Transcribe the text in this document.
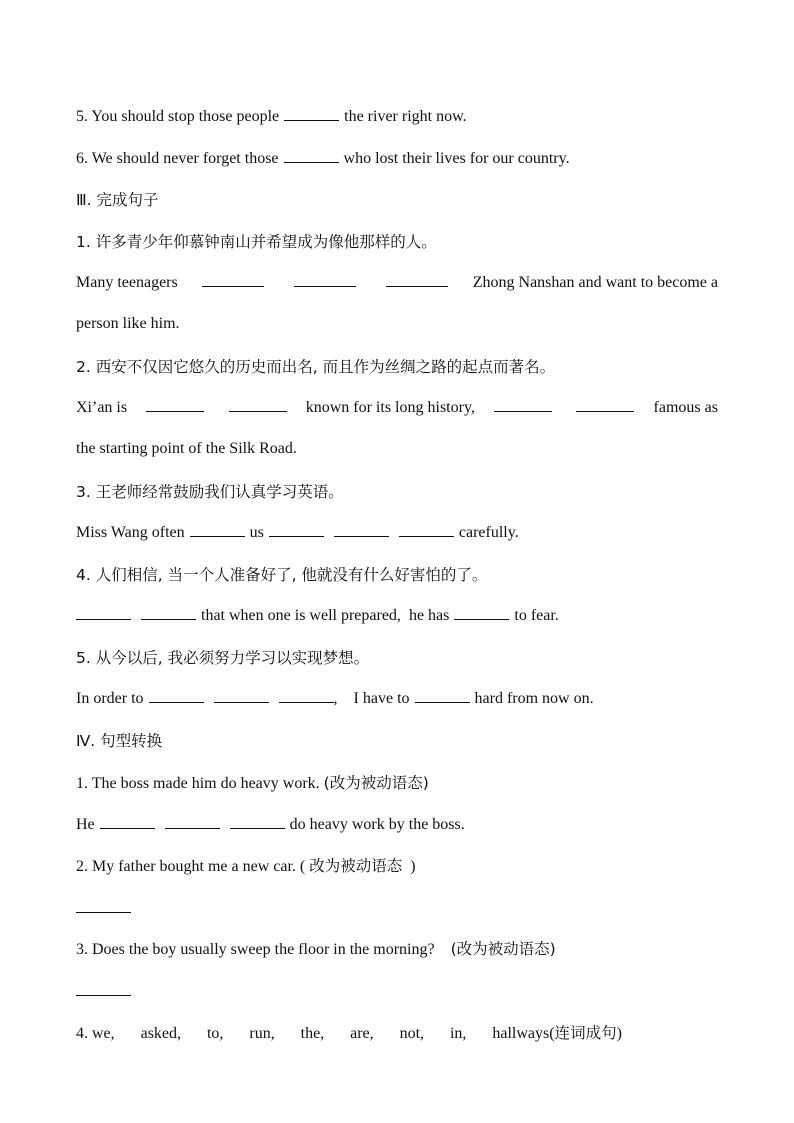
5. You should stop those people	the river right now.
6. We should never forget those	who lost their lives for our country.
Ⅲ. 完成句子
1. 许多青少年仰慕钟南山并希望成为像他那样的人。
Many teenagers	Zhong Nanshan and want to become a
person like him.
2. 西安不仅因它悠久的历史而出名, 而且作为丝绸之路的起点而著名。
Xi’an is	known for its long history,	famous as
the starting point of the Silk Road.
3. 王老师经常鼓励我们认真学习英语。
Miss Wang often	us	carefully.
4. 人们相信, 当一个人准备好了, 他就没有什么好害怕的了。
that when one is well prepared, he has	to fear.
5. 从今以后, 我必须努力学习以实现梦想。
In order to	, I have to	hard from now on.
Ⅳ. 句型转换
1. The boss made him do heavy work. (改为被动语态)
He	do heavy work by the boss.
2. My father bought me a new car. ( 改为被动语态 )
3. Does the boy usually sweep the floor in the morning? (改为被动语态)
4. we, asked, to, run, the, are, not, in, hallways(连词成句)
